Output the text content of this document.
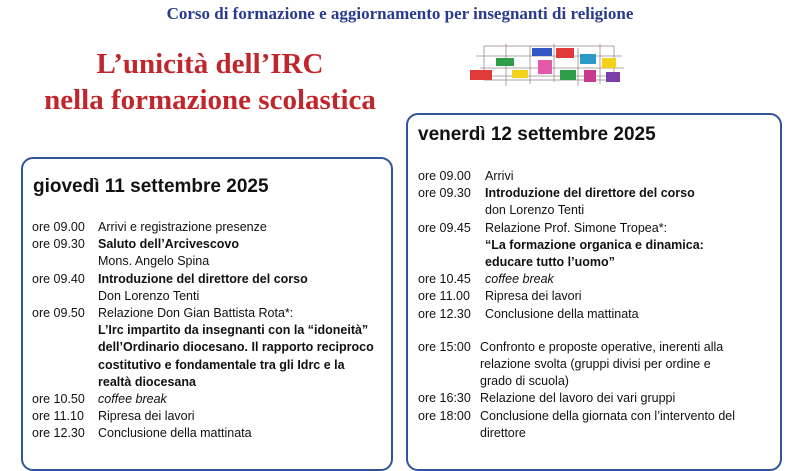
Corso di formazione e aggiornamento per insegnanti di religione
L’unicità dell’IRC
nella formazione scolastica
giovedì 11 settembre 2025
ore 09.00	Arrivi e registrazione presenze
ore 09.30	Saluto dell’Arcivescovo
Mons. Angelo Spina
ore 09.40	Introduzione del direttore del corso
Don Lorenzo Tenti
ore 09.50	Relazione Don Gian Battista Rota*:
L’Irc impartito da insegnanti con la “idoneità”
dell’Ordinario diocesano. Il rapporto reciproco
costitutivo e fondamentale tra gli Idrc e la
realtà diocesana
ore 10.50	coffee break
ore 11.10	Ripresa dei lavori
ore 12.30	Conclusione della mattinata
venerdì 12 settembre 2025
ore 09.00	Arrivi
ore 09.30	Introduzione del direttore del corso
don Lorenzo Tenti
ore 09.45	Relazione Prof. Simone Tropea*:
“La formazione organica e dinamica:
educare tutto l’uomo”
ore 10.45	coffee break
ore 11.00	Ripresa dei lavori
ore 12.30	Conclusione della mattinata
ore 15:00 Confronto e proposte operative, inerenti alla
relazione svolta (gruppi divisi per ordine e
grado di scuola)
ore 16:30 Relazione del lavoro dei vari gruppi
ore 18:00 Conclusione della giornata con l’intervento del
direttore
